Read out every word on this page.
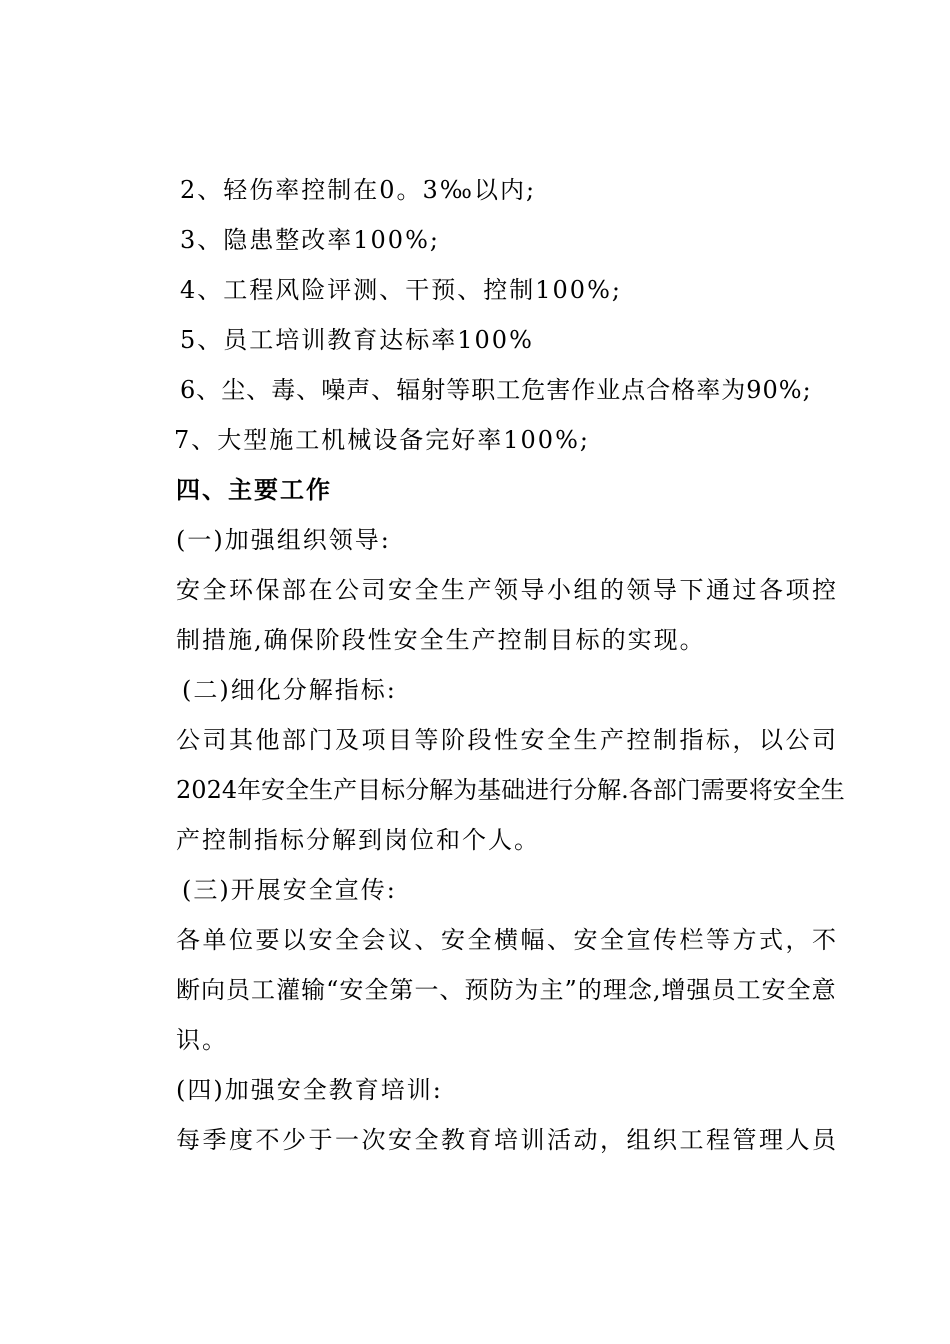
2、轻伤率控制在0。3‰以内;
3、隐患整改率100%;
4、工程风险评测、干预、控制100%;
5、员工培训教育达标率100%
6、尘、毒、噪声、辐射等职工危害作业点合格率为90%;
7、大型施工机械设备完好率100%;
四、主要工作
(一)加强组织领导:
安 全 环 保 部 在 公 司 安 全 生 产 领 导 小 组 的 领 导 下 通 过 各 项 控
制措施,确保阶段性安全生产控制目标的实现。
(二)细化分解指标:
公 司 其 他 部 门 及 项 目 等 阶 段 性 安 全 生 产 控 制 指 标 ， 以 公 司
2 0 2 4 年 安 全 生 产 目 标 分 解 为 基 础 进 行 分 解 . 各 部 门 需 要 将 安 全 生
产控制指标分解到岗位和个人。
(三)开展安全宣传:
各 单 位 要 以 安 全 会 议 、 安 全 横 幅 、 安 全 宣 传 栏 等 方 式 ， 不
断 向 员 工 灌 输 “ 安 全 第 一 、 预 防 为 主 ” 的 理 念 , 增 强 员 工 安 全 意
识。
(四)加强安全教育培训:
每 季 度 不 少 于 一 次 安 全 教 育 培 训 活 动 ， 组 织 工 程 管 理 人 员
